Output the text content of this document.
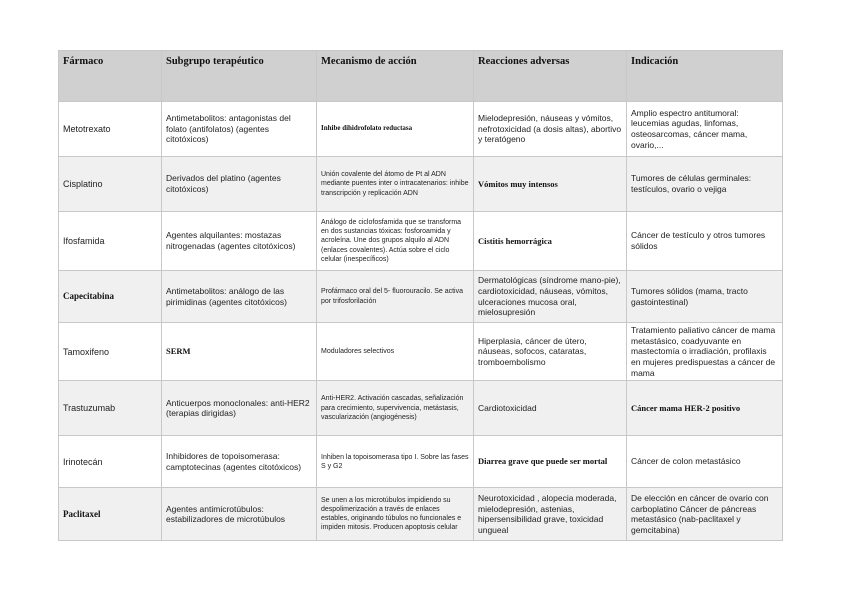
Fármaco	Subgrupo terapéutico	Mecanismo de acción	Reacciones adversas	Indicación
Metotrexato	Antimetabolitos: antagonistas del folato (antifolatos) (agentes citotóxicos)	Inhibe dihidrofolato reductasa	Mielodepresión, náuseas y vómitos, nefrotoxicidad (a dosis altas), abortivo y teratógeno	Amplio espectro antitumoral: leucemias agudas, linfomas, osteosarcomas, cáncer mama, ovario,...
Cisplatino	Derivados del platino (agentes citotóxicos)	Unión covalente del átomo de Pt al ADN mediante puentes inter o intracatenarios: inhibe transcripción y replicación ADN	Vómitos muy intensos	Tumores de células germinales: testículos, ovario o vejiga
Ifosfamida	Agentes alquilantes: mostazas nitrogenadas (agentes citotóxicos)	Análogo de ciclofosfamida que se transforma en dos sustancias tóxicas: fosforoamida y acroleína. Une dos grupos alquilo al ADN (enlaces covalentes). Actúa sobre el ciclo celular (inespecíficos)	Cistitis hemorrágica	Cáncer de testículo y otros tumores sólidos
Capecitabina	Antimetabolitos: análogo de las pirimidinas (agentes citotóxicos)	Profármaco oral del 5- fluorouracilo. Se activa por trifosforilación	Dermatológicas (síndrome mano-pie), cardiotoxicidad, náuseas, vómitos, ulceraciones mucosa oral, mielosupresión	Tumores sólidos (mama, tracto gastointestinal)
Tamoxifeno	SERM	Moduladores selectivos	Hiperplasia, cáncer de útero, náuseas, sofocos, cataratas, tromboembolismo	Tratamiento paliativo cáncer de mama metastásico, coadyuvante en mastectomía o irradiación, profilaxis en mujeres predispuestas a cáncer de mama
Trastuzumab	Anticuerpos monoclonales: anti-HER2 (terapias dirigidas)	Anti-HER2. Activación cascadas, señalización para crecimiento, supervivencia, metástasis, vascularización (angiogénesis)	Cardiotoxicidad	Cáncer mama HER-2 positivo
Irinotecán	Inhibidores de topoisomerasa: camptotecinas (agentes citotóxicos)	Inhiben la topoisomerasa tipo I. Sobre las fases S y G2	Diarrea grave que puede ser mortal	Cáncer de colon metastásico
Paclitaxel	Agentes antimicrotúbulos: estabilizadores de microtúbulos	Se unen a los microtúbulos impidiendo su despolimerización a través de enlaces estables, originando túbulos no funcionales e impiden mitosis. Producen apoptosis celular	Neurotoxicidad , alopecia moderada, mielodepresión, astenias, hipersensibilidad grave, toxicidad ungueal	De elección en cáncer de ovario con carboplatino Cáncer de páncreas metastásico (nab-paclitaxel y gemcitabina)
